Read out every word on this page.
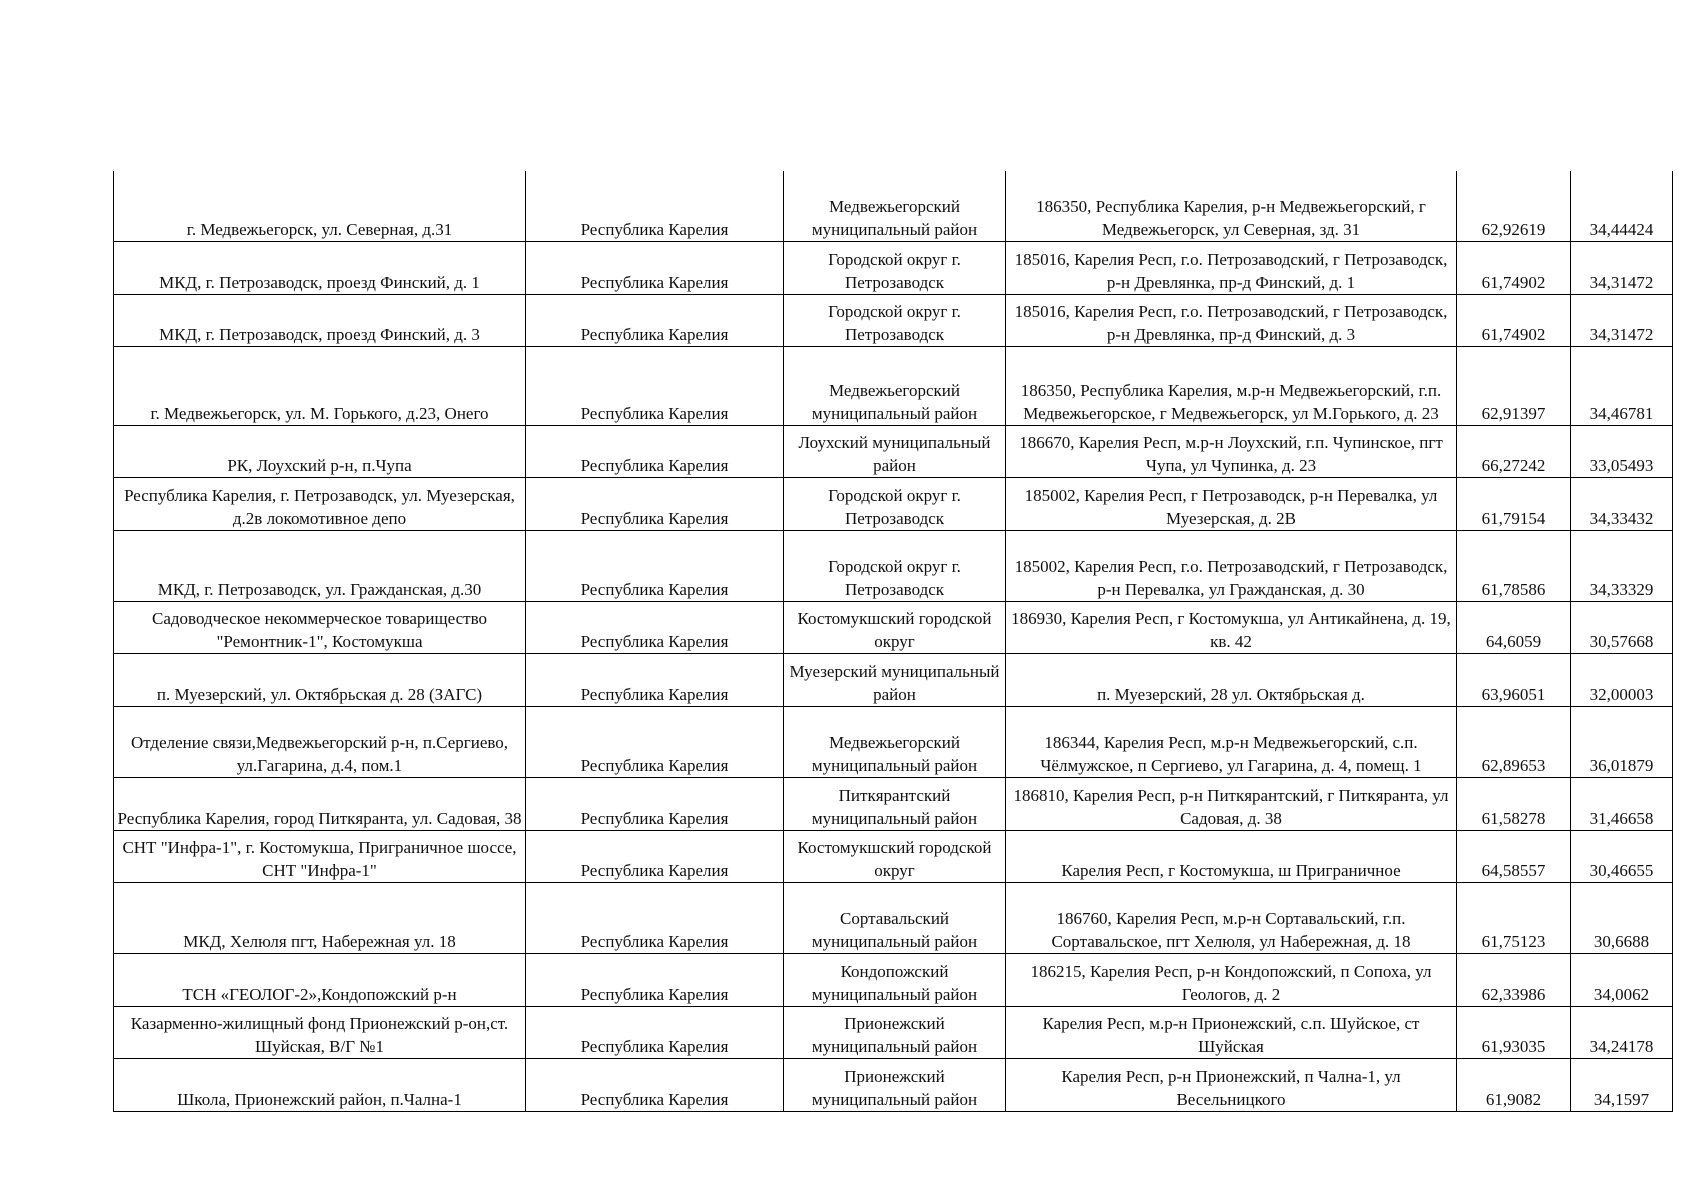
г. Медвежьегорск, ул. Северная, д.31	Республика Карелия	Медвежьегорский муниципальный район	186350, Республика Карелия, р-н Медвежьегорский, г Медвежьегорск, ул Северная, зд. 31	62,92619	34,44424
МКД, г. Петрозаводск, проезд Финский, д. 1	Республика Карелия	Городской округ г. Петрозаводск	185016, Карелия Респ, г.о. Петрозаводский, г Петрозаводск, р-н Древлянка, пр-д Финский, д. 1	61,74902	34,31472
МКД, г. Петрозаводск, проезд Финский, д. 3	Республика Карелия	Городской округ г. Петрозаводск	185016, Карелия Респ, г.о. Петрозаводский, г Петрозаводск, р-н Древлянка, пр-д Финский, д. 3	61,74902	34,31472
г. Медвежьегорск, ул. М. Горького, д.23, Онего	Республика Карелия	Медвежьегорский муниципальный район	186350, Республика Карелия, м.р-н Медвежьегорский, г.п. Медвежьегорское, г Медвежьегорск, ул М.Горького, д. 23	62,91397	34,46781
РК, Лоухский р-н, п.Чупа	Республика Карелия	Лоухский муниципальный район	186670, Карелия Респ, м.р-н Лоухский, г.п. Чупинское, пгт Чупа, ул Чупинка, д. 23	66,27242	33,05493
Республика Карелия, г. Петрозаводск, ул. Муезерская, д.2в локомотивное депо	Республика Карелия	Городской округ г. Петрозаводск	185002, Карелия Респ, г Петрозаводск, р-н Перевалка, ул Муезерская, д. 2В	61,79154	34,33432
МКД, г. Петрозаводск, ул. Гражданская, д.30	Республика Карелия	Городской округ г. Петрозаводск	185002, Карелия Респ, г.о. Петрозаводский, г Петрозаводск, р-н Перевалка, ул Гражданская, д. 30	61,78586	34,33329
Садоводческое некоммерческое товарищество "Ремонтник-1", Костомукша	Республика Карелия	Костомукшский городской округ	186930, Карелия Респ, г Костомукша, ул Антикайнена, д. 19, кв. 42	64,6059	30,57668
п. Муезерский, ул. Октябрьская д. 28 (ЗАГС)	Республика Карелия	Муезерский муниципальный район	п. Муезерский, 28 ул. Октябрьская д.	63,96051	32,00003
Отделение связи,Медвежьегорский р-н, п.Сергиево, ул.Гагарина, д.4, пом.1	Республика Карелия	Медвежьегорский муниципальный район	186344, Карелия Респ, м.р-н Медвежьегорский, с.п. Чёлмужское, п Сергиево, ул Гагарина, д. 4, помещ. 1	62,89653	36,01879
Республика Карелия, город Питкяранта, ул. Садовая, 38	Республика Карелия	Питкярантский муниципальный район	186810, Карелия Респ, р-н Питкярантский, г Питкяранта, ул Садовая, д. 38	61,58278	31,46658
СНТ "Инфра-1", г. Костомукша, Приграничное шоссе, СНТ "Инфра-1"	Республика Карелия	Костомукшский городской округ	Карелия Респ, г Костомукша, ш Приграничное	64,58557	30,46655
МКД, Хелюля пгт, Набережная ул. 18	Республика Карелия	Сортавальский муниципальный район	186760, Карелия Респ, м.р-н Сортавальский, г.п. Сортавальское, пгт Хелюля, ул Набережная, д. 18	61,75123	30,6688
ТСН «ГЕОЛОГ-2»,Кондопожский р-н	Республика Карелия	Кондопожский муниципальный район	186215, Карелия Респ, р-н Кондопожский, п Сопоха, ул Геологов, д. 2	62,33986	34,0062
Казарменно-жилищный фонд Прионежский р-он,ст. Шуйская, В/Г №1	Республика Карелия	Прионежский муниципальный район	Карелия Респ, м.р-н Прионежский, с.п. Шуйское, ст Шуйская	61,93035	34,24178
Школа, Прионежский район, п.Чална-1	Республика Карелия	Прионежский муниципальный район	Карелия Респ, р-н Прионежский, п Чална-1, ул Весельницкого	61,9082	34,1597
